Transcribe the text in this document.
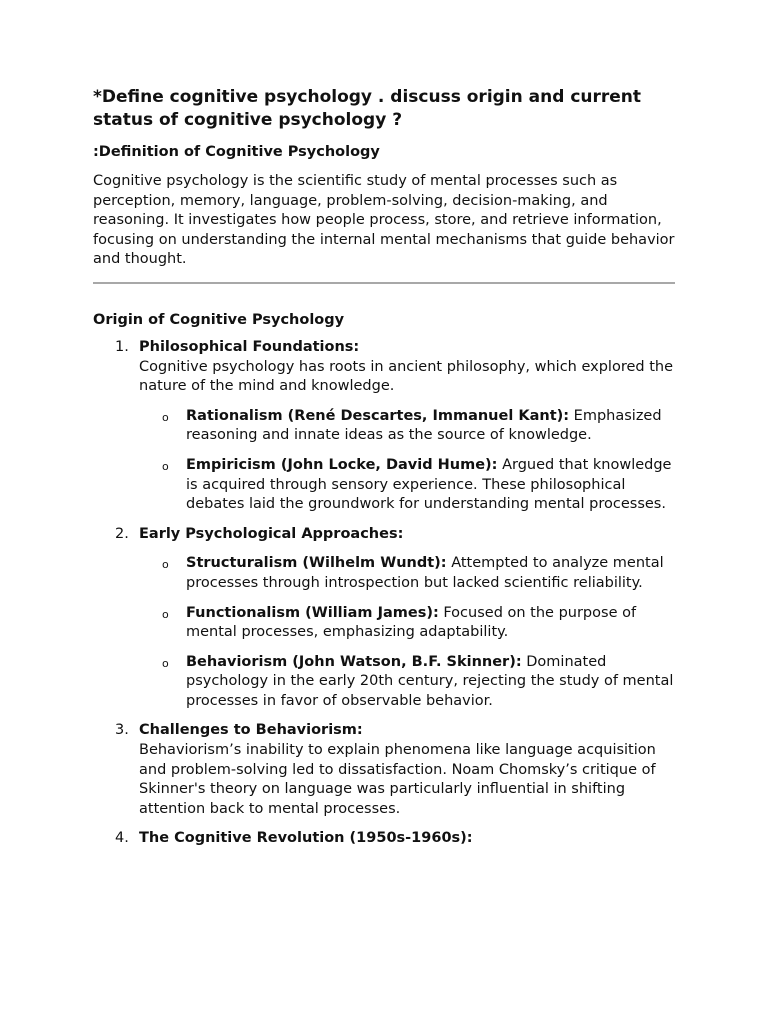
*Define cognitive psychology . discuss origin and current status of cognitive psychology ?
:Definition of Cognitive Psychology

Cognitive psychology is the scientific study of mental processes such as perception, memory, language, problem-solving, decision-making, and reasoning. It investigates how people process, store, and retrieve information, focusing on understanding the internal mental mechanisms that guide behavior and thought.

Origin of Cognitive Psychology
1. Philosophical Foundations:
Cognitive psychology has roots in ancient philosophy, which explored the nature of the mind and knowledge.
o Rationalism (René Descartes, Immanuel Kant): Emphasized reasoning and innate ideas as the source of knowledge.
o Empiricism (John Locke, David Hume): Argued that knowledge is acquired through sensory experience. These philosophical debates laid the groundwork for understanding mental processes.
2. Early Psychological Approaches:
o Structuralism (Wilhelm Wundt): Attempted to analyze mental processes through introspection but lacked scientific reliability.
o Functionalism (William James): Focused on the purpose of mental processes, emphasizing adaptability.
o Behaviorism (John Watson, B.F. Skinner): Dominated psychology in the early 20th century, rejecting the study of mental processes in favor of observable behavior.
3. Challenges to Behaviorism:
Behaviorism’s inability to explain phenomena like language acquisition and problem-solving led to dissatisfaction. Noam Chomsky’s critique of Skinner's theory on language was particularly influential in shifting attention back to mental processes.
4. The Cognitive Revolution (1950s-1960s):
